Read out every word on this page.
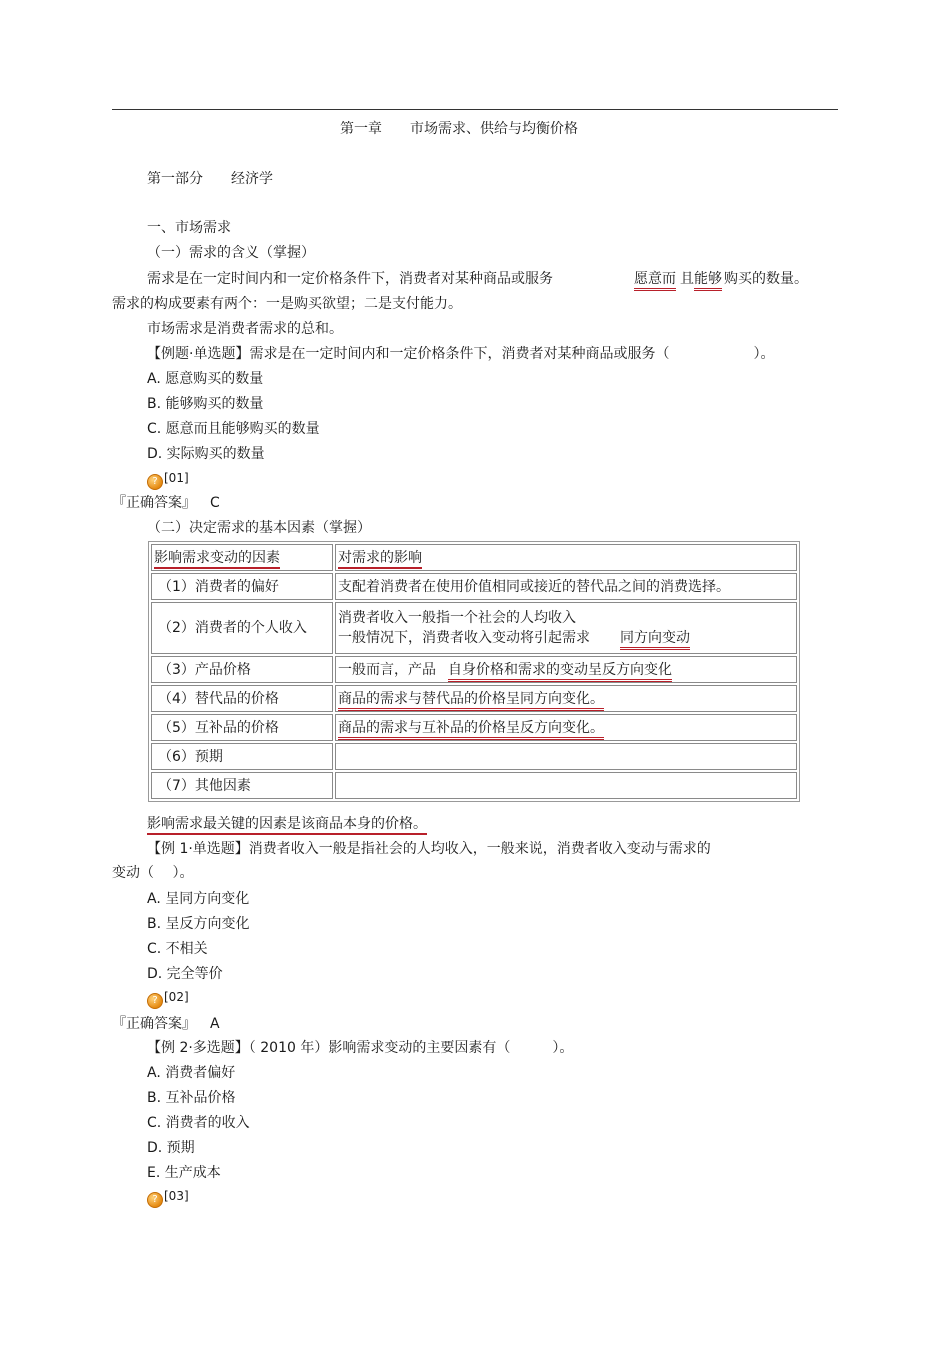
第一章　　市场需求、供给与均衡价格
第一部分　　经济学
一、市场需求
（一）需求的含义（掌握）
需求是在一定时间内和一定价格条件下，消费者对某种商品或服务	愿意而 且能够 购买的数量。
需求的构成要素有两个：一是购买欲望；二是支付能力。
市场需求是消费者需求的总和。
【例题·单选题】需求是在一定时间内和一定价格条件下，消费者对某种商品或服务（　　　　　　）。
A. 愿意购买的数量
B. 能够购买的数量
C. 愿意而且能够购买的数量
D. 实际购买的数量
? [01]
『正确答案』 C
（二）决定需求的基本因素（掌握）
影响需求变动的因素	对需求的影响
（1）消费者的偏好	支配着消费者在使用价值相同或接近的替代品之间的消费选择。
（2）消费者的个人收入	消费者收入一般指一个社会的人均收入
一般情况下，消费者收入变动将引起需求 同方向变动

（3）产品价格	一般而言，产品 自身价格和需求的变动呈反方向变化
（4）替代品的价格	商品的需求与替代品的价格呈同方向变化。
（5）互补品的价格	商品的需求与互补品的价格呈反方向变化。
（6）预期	
（7）其他因素	
影响需求最关键的因素是该商品本身的价格。
【例 1·单选题】消费者收入一般是指社会的人均收入，一般来说，消费者收入变动与需求的
变动（　 ）。
A. 呈同方向变化
B. 呈反方向变化
C. 不相关
D. 完全等价
? [02]
『正确答案』 A
【例 2·多选题】（ 2010 年）影响需求变动的主要因素有（　　　）。
A. 消费者偏好
B. 互补品价格
C. 消费者的收入
D. 预期
E. 生产成本
? [03]
